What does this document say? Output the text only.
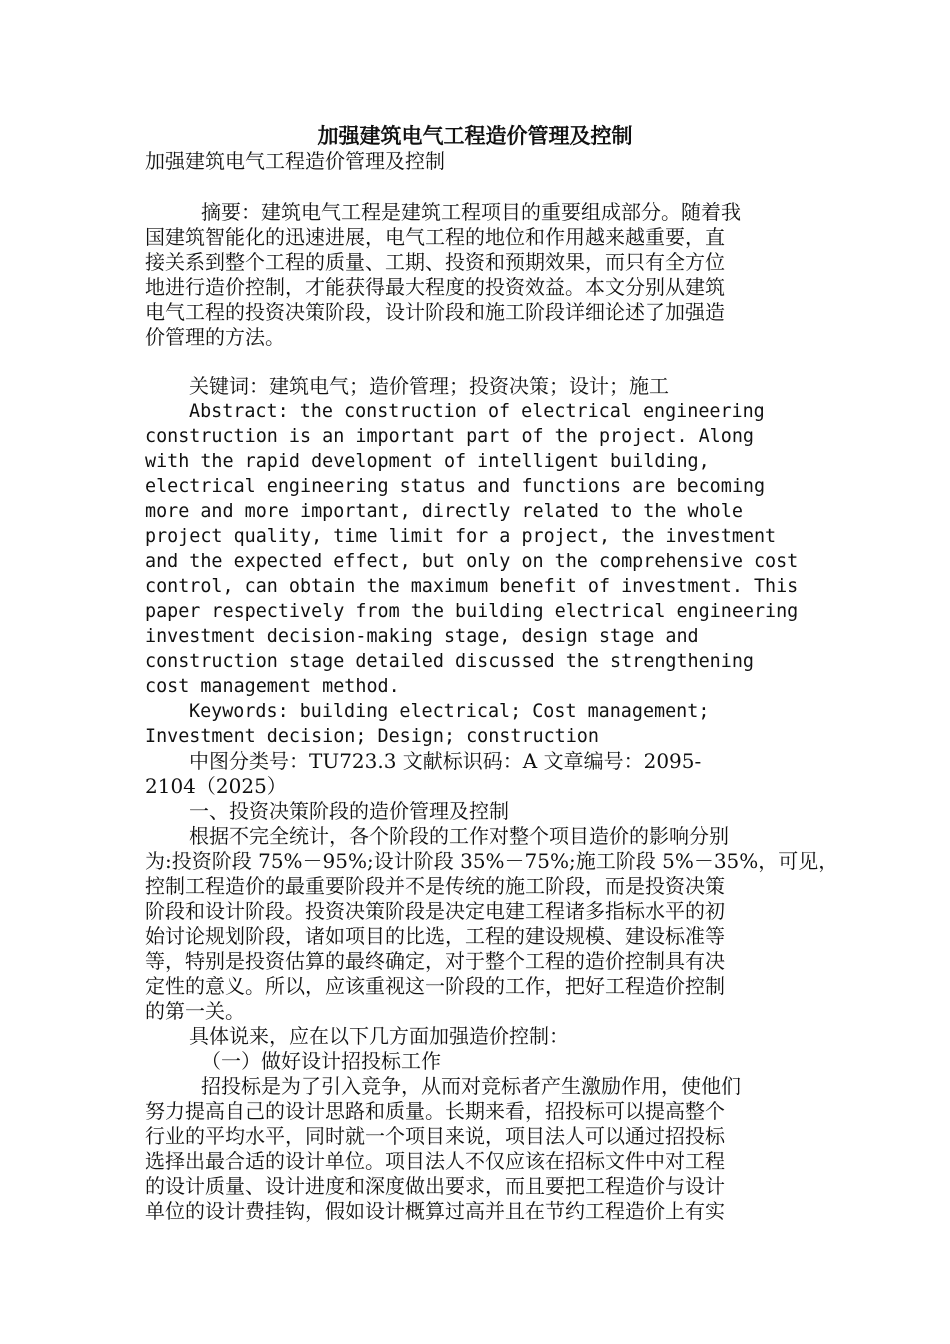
加强建筑电气工程造价管理及控制

加强建筑电气工程造价管理及控制

摘要：建筑电气工程是建筑工程项目的重要组成部分。随着我

国建筑智能化的迅速进展，电气工程的地位和作用越来越重要，直

接关系到整个工程的质量、工期、投资和预期效果，而只有全方位

地进行造价控制，才能获得最大程度的投资效益。本文分别从建筑

电气工程的投资决策阶段，设计阶段和施工阶段详细论述了加强造

价管理的方法。

关键词：建筑电气；造价管理；投资决策；设计；施工

Abstract: the construction of electrical engineering

construction is an important part of the project. Along

with the rapid development of intelligent building,

electrical engineering status and functions are becoming

more and more important, directly related to the whole

project quality, time limit for a project, the investment

and the expected effect, but only on the comprehensive cost

control, can obtain the maximum benefit of investment. This

paper respectively from the building electrical engineering

investment decision-making stage, design stage and

construction stage detailed discussed the strengthening

cost management method.

Keywords: building electrical; Cost management;

Investment decision; Design; construction

中图分类号：TU723.3 文献标识码：A 文章编号：2095-

2104（2025）

一、投资决策阶段的造价管理及控制

根据不完全统计，各个阶段的工作对整个项目造价的影响分别

为:投资阶段 75%－95%;设计阶段 35%－75%;施工阶段 5%－35%，可见，

控制工程造价的最重要阶段并不是传统的施工阶段，而是投资决策

阶段和设计阶段。投资决策阶段是决定电建工程诸多指标水平的初

始讨论规划阶段，诸如项目的比选，工程的建设规模、建设标准等

等，特别是投资估算的最终确定，对于整个工程的造价控制具有决

定性的意义。所以，应该重视这一阶段的工作，把好工程造价控制

的第一关。

具体说来，应在以下几方面加强造价控制：

（一）做好设计招投标工作

招投标是为了引入竞争，从而对竞标者产生激励作用，使他们

努力提高自己的设计思路和质量。长期来看，招投标可以提高整个

行业的平均水平，同时就一个项目来说，项目法人可以通过招投标

选择出最合适的设计单位。项目法人不仅应该在招标文件中对工程

的设计质量、设计进度和深度做出要求，而且要把工程造价与设计

单位的设计费挂钩，假如设计概算过高并且在节约工程造价上有实
